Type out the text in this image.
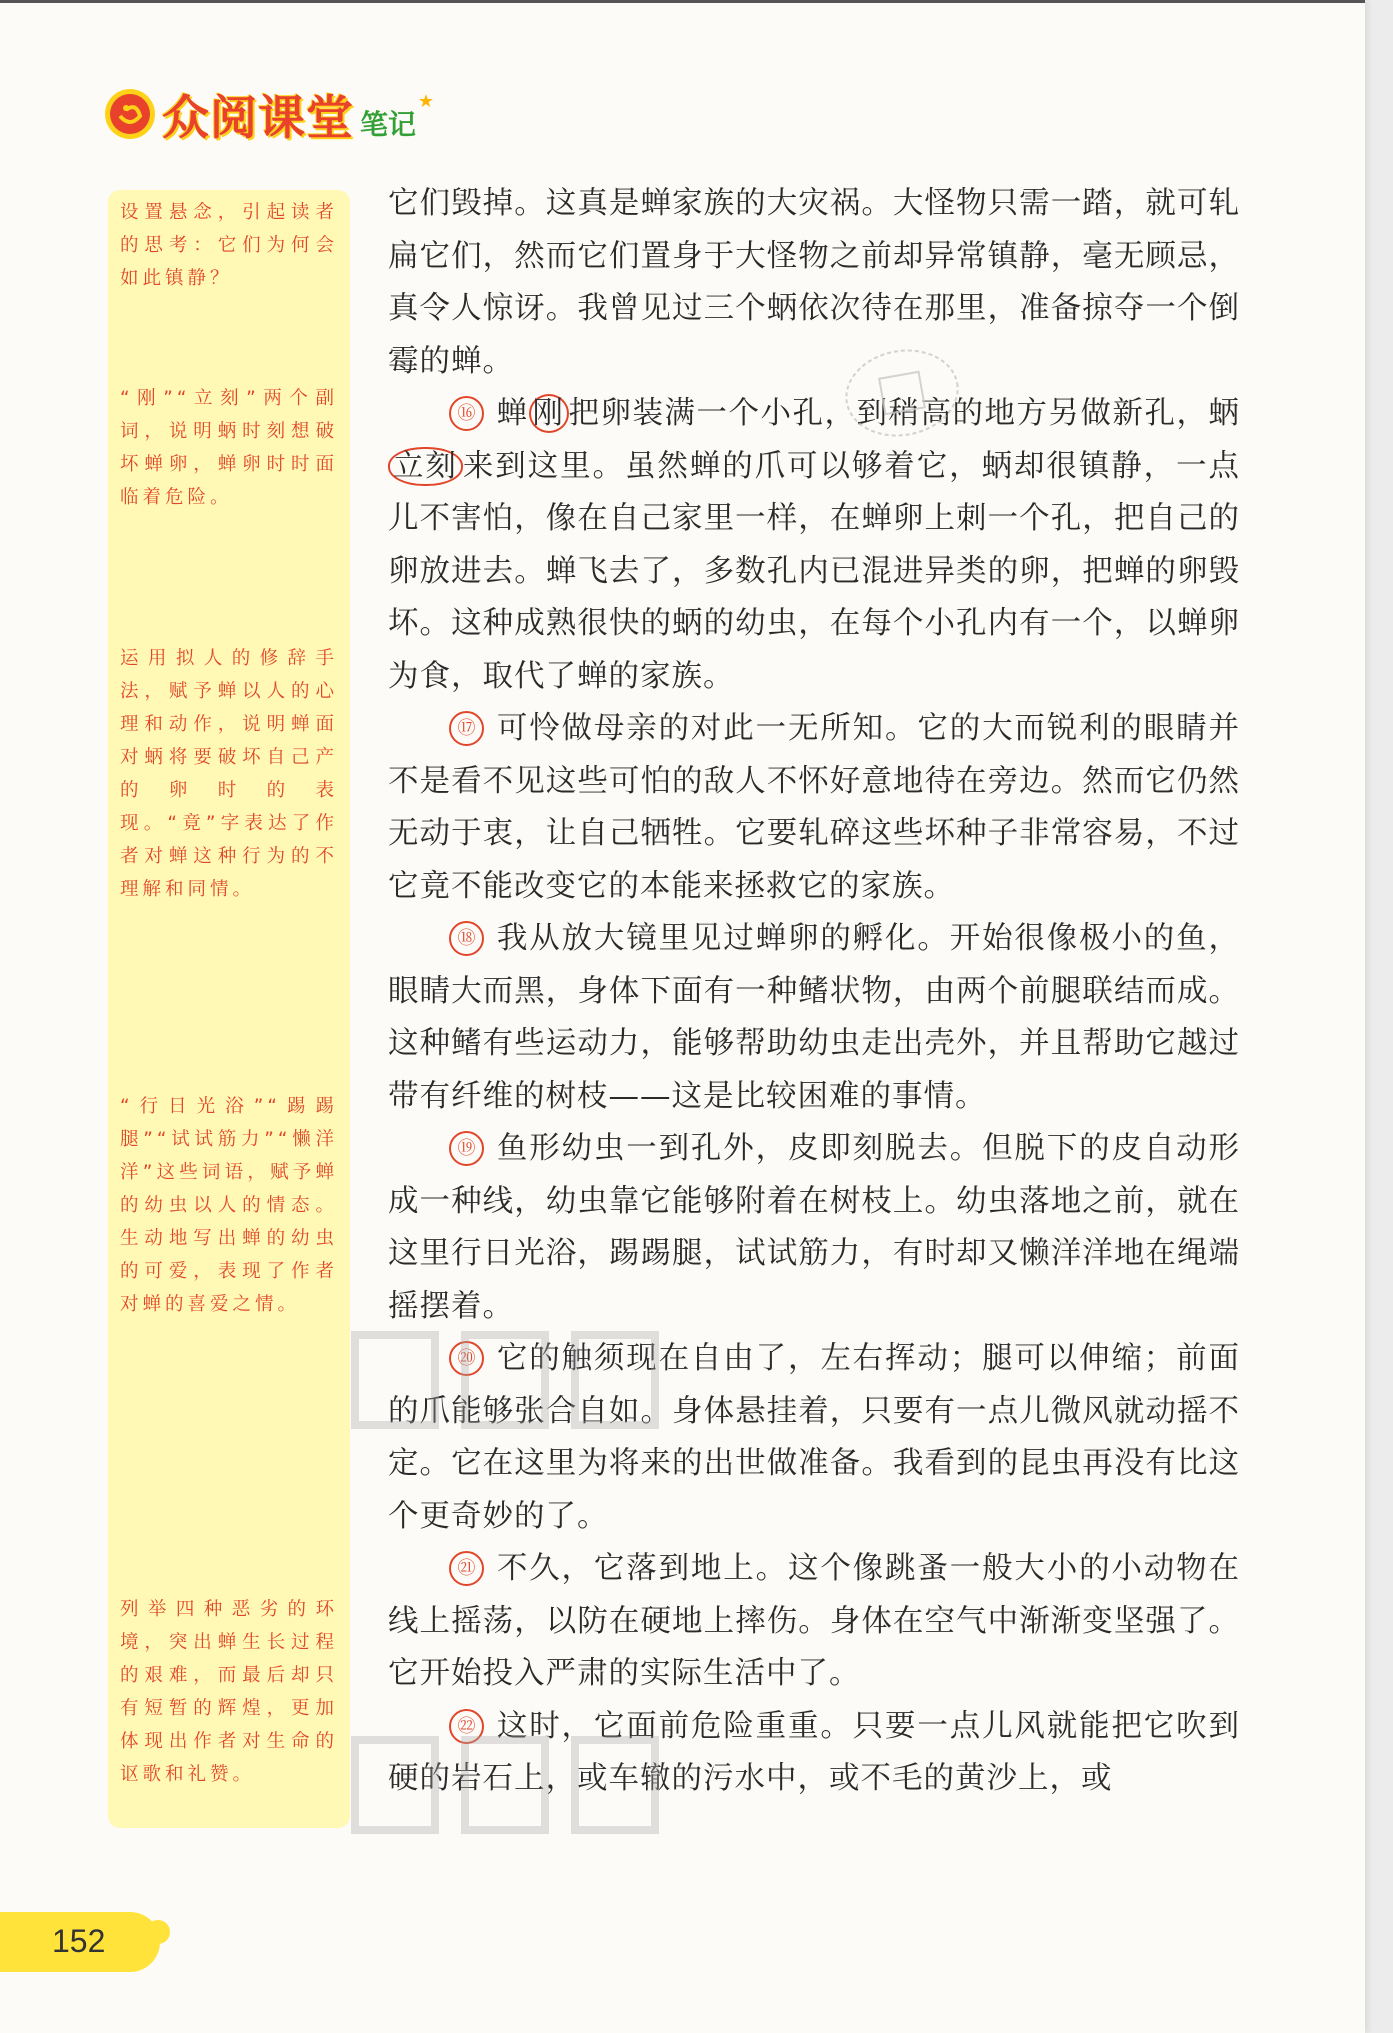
众阅课堂 笔记
★
设置悬念，引起读者的思考：它们为何会如此镇静？
“刚”“立刻”两个副词，说明蛃时刻想破坏蝉卵，蝉卵时时面临着危险。
运用拟人的修辞手法，赋予蝉以人的心理和动作，说明蝉面对蛃将要破坏自己产的卵时的表现。“竟”字表达了作者对蝉这种行为的不理解和同情。
“行日光浴”“踢踢腿”“试试筋力”“懒洋洋”这些词语，赋予蝉的幼虫以人的情态。生动地写出蝉的幼虫的可爱，表现了作者对蝉的喜爱之情。
列举四种恶劣的环境，突出蝉生长过程的艰难，而最后却只有短暂的辉煌，更加体现出作者对生命的讴歌和礼赞。

它们毁掉。这真是蝉家族的大灾祸。大怪物只需一踏，就可轧扁它们，然而它们置身于大怪物之前却异常镇静，毫无顾忌，真令人惊讶。我曾见过三个蛃依次待在那里，准备掠夺一个倒霉的蝉。

⑯ 蝉 刚 把卵装满一个小孔，到稍高的地方另做新孔，蛃立刻 来到这里。虽然蝉的爪可以够着它，蛃却很镇静，一点儿不害怕，像在自己家里一样，在蝉卵上刺一个孔，把自己的卵放进去。蝉飞去了，多数孔内已混进异类的卵，把蝉的卵毁坏。这种成熟很快的蛃的幼虫，在每个小孔内有一个，以蝉卵为食，取代了蝉的家族。

⑰ 可怜做母亲的对此一无所知。它的大而锐利的眼睛并不是看不见这些可怕的敌人不怀好意地待在旁边。然而它仍然无动于衷，让自己牺牲。它要轧碎这些坏种子非常容易，不过它竟不能改变它的本能来拯救它的家族。

⑱ 我从放大镜里见过蝉卵的孵化。开始很像极小的鱼，眼睛大而黑，身体下面有一种鳍状物，由两个前腿联结而成。这种鳍有些运动力，能够帮助幼虫走出壳外，并且帮助它越过带有纤维的树枝——这是比较困难的事情。

⑲ 鱼形幼虫一到孔外，皮即刻脱去。但脱下的皮自动形成一种线，幼虫靠它能够附着在树枝上。幼虫落地之前，就在这里行日光浴，踢踢腿，试试筋力，有时却又懒洋洋地在绳端摇摆着。

⑳ 它的触须现在自由了，左右挥动；腿可以伸缩；前面的爪能够张合自如。身体悬挂着，只要有一点儿微风就动摇不定。它在这里为将来的出世做准备。我看到的昆虫再没有比这个更奇妙的了。

㉑ 不久，它落到地上。这个像跳蚤一般大小的小动物在线上摇荡，以防在硬地上摔伤。身体在空气中渐渐变坚强了。它开始投入严肃的实际生活中了。

㉒ 这时，它面前危险重重。只要一点儿风就能把它吹到硬的岩石上，或车辙的污水中，或不毛的黄沙上，或

152
